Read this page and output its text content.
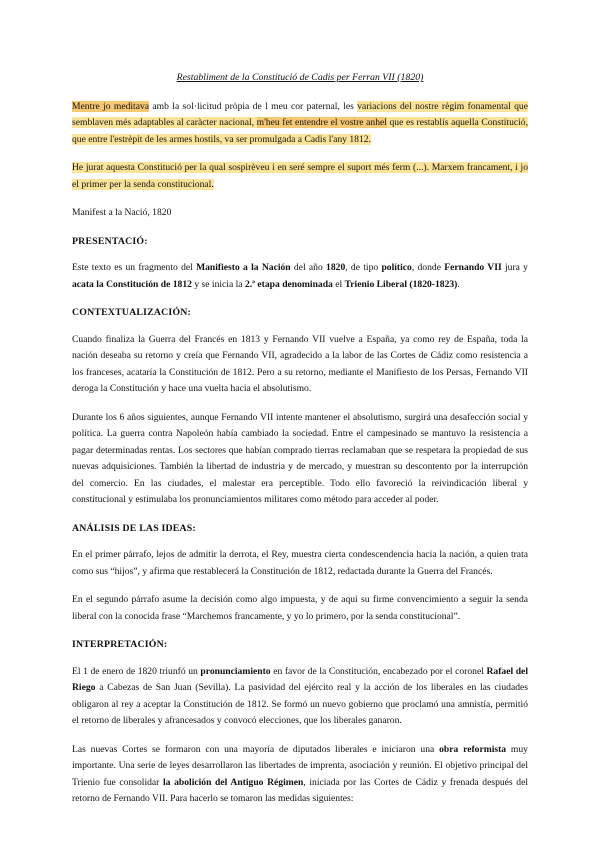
Restabliment de la Constitució de Cadis per Ferran VII (1820)

Mentre jo meditava amb la sol·licitud pròpia de l meu cor paternal, les variacions del nostre règim fonamental que semblaven més adaptables al caràcter nacional, m'heu fet entendre el vostre anhel que es restablís aquella Constitució, que entre l'estrèpit de les armes hostils, va ser promulgada a Cadis l'any 1812.

He jurat aquesta Constitució per la qual sospirèveu i en seré sempre el suport més ferm (...). Marxem francament, i jo el primer per la senda constitucional.

Manifest a la Nació, 1820

PRESENTACIÓ:

Este texto es un fragmento del Manifiesto a la Nación del año 1820, de tipo político, donde Fernando VII jura y acata la Constitución de 1812 y se inicia la 2.ª etapa denominada el Trienio Liberal (1820-1823).

CONTEXTUALIZACIÓN:

Cuando finaliza la Guerra del Francés en 1813 y Fernando VII vuelve a España, ya como rey de España, toda la nación deseaba su retorno y creía que Fernando VII, agradecido a la labor de las Cortes de Cádiz como resistencia a los franceses, acataría la Constitución de 1812. Pero a su retorno, mediante el Manifiesto de los Persas, Fernando VII deroga la Constitución y hace una vuelta hacia el absolutismo.

Durante los 6 años siguientes, aunque Fernando VII intente mantener el absolutismo, surgirá una desafección social y política. La guerra contra Napoleón había cambiado la sociedad. Entre el campesinado se mantuvo la resistencia a pagar determinadas rentas. Los sectores que habían comprado tierras reclamaban que se respetara la propiedad de sus nuevas adquisiciones. También la libertad de industria y de mercado, y muestran su descontento por la interrupción del comercio. En las ciudades, el malestar era perceptible. Todo ello favoreció la reivindicación liberal y constitucional y estimulaba los pronunciamientos militares como método para acceder al poder.

ANÁLISIS DE LAS IDEAS:

En el primer párrafo, lejos de admitir la derrota, el Rey, muestra cierta condescendencia hacia la nación, a quien trata como sus “hijos”, y afirma que restablecerá la Constitución de 1812, redactada durante la Guerra del Francés.

En el segundo párrafo asume la decisión como algo impuesta, y de aquí su firme convencimiento a seguir la senda liberal con la conocida frase “Marchemos francamente, y yo lo primero, por la senda constitucional”.

INTERPRETACIÓN:

El 1 de enero de 1820 triunfó un pronunciamiento en favor de la Constitución, encabezado por el coronel Rafael del Riego a Cabezas de San Juan (Sevilla). La pasividad del ejército real y la acción de los liberales en las ciudades obligaron al rey a aceptar la Constitución de 1812. Se formó un nuevo gobierno que proclamó una amnistía, permitió el retorno de liberales y afrancesados y convocó elecciones, que los liberales ganaron.

Las nuevas Cortes se formaron con una mayoría de diputados liberales e iniciaron una obra reformista muy importante. Una serie de leyes desarrollaron las libertades de imprenta, asociación y reunión. El objetivo principal del Trienio fue consolidar la abolición del Antiguo Régimen, iniciada por las Cortes de Cádiz y frenada después del retorno de Fernando VII. Para hacerlo se tomaron las medidas siguientes:
